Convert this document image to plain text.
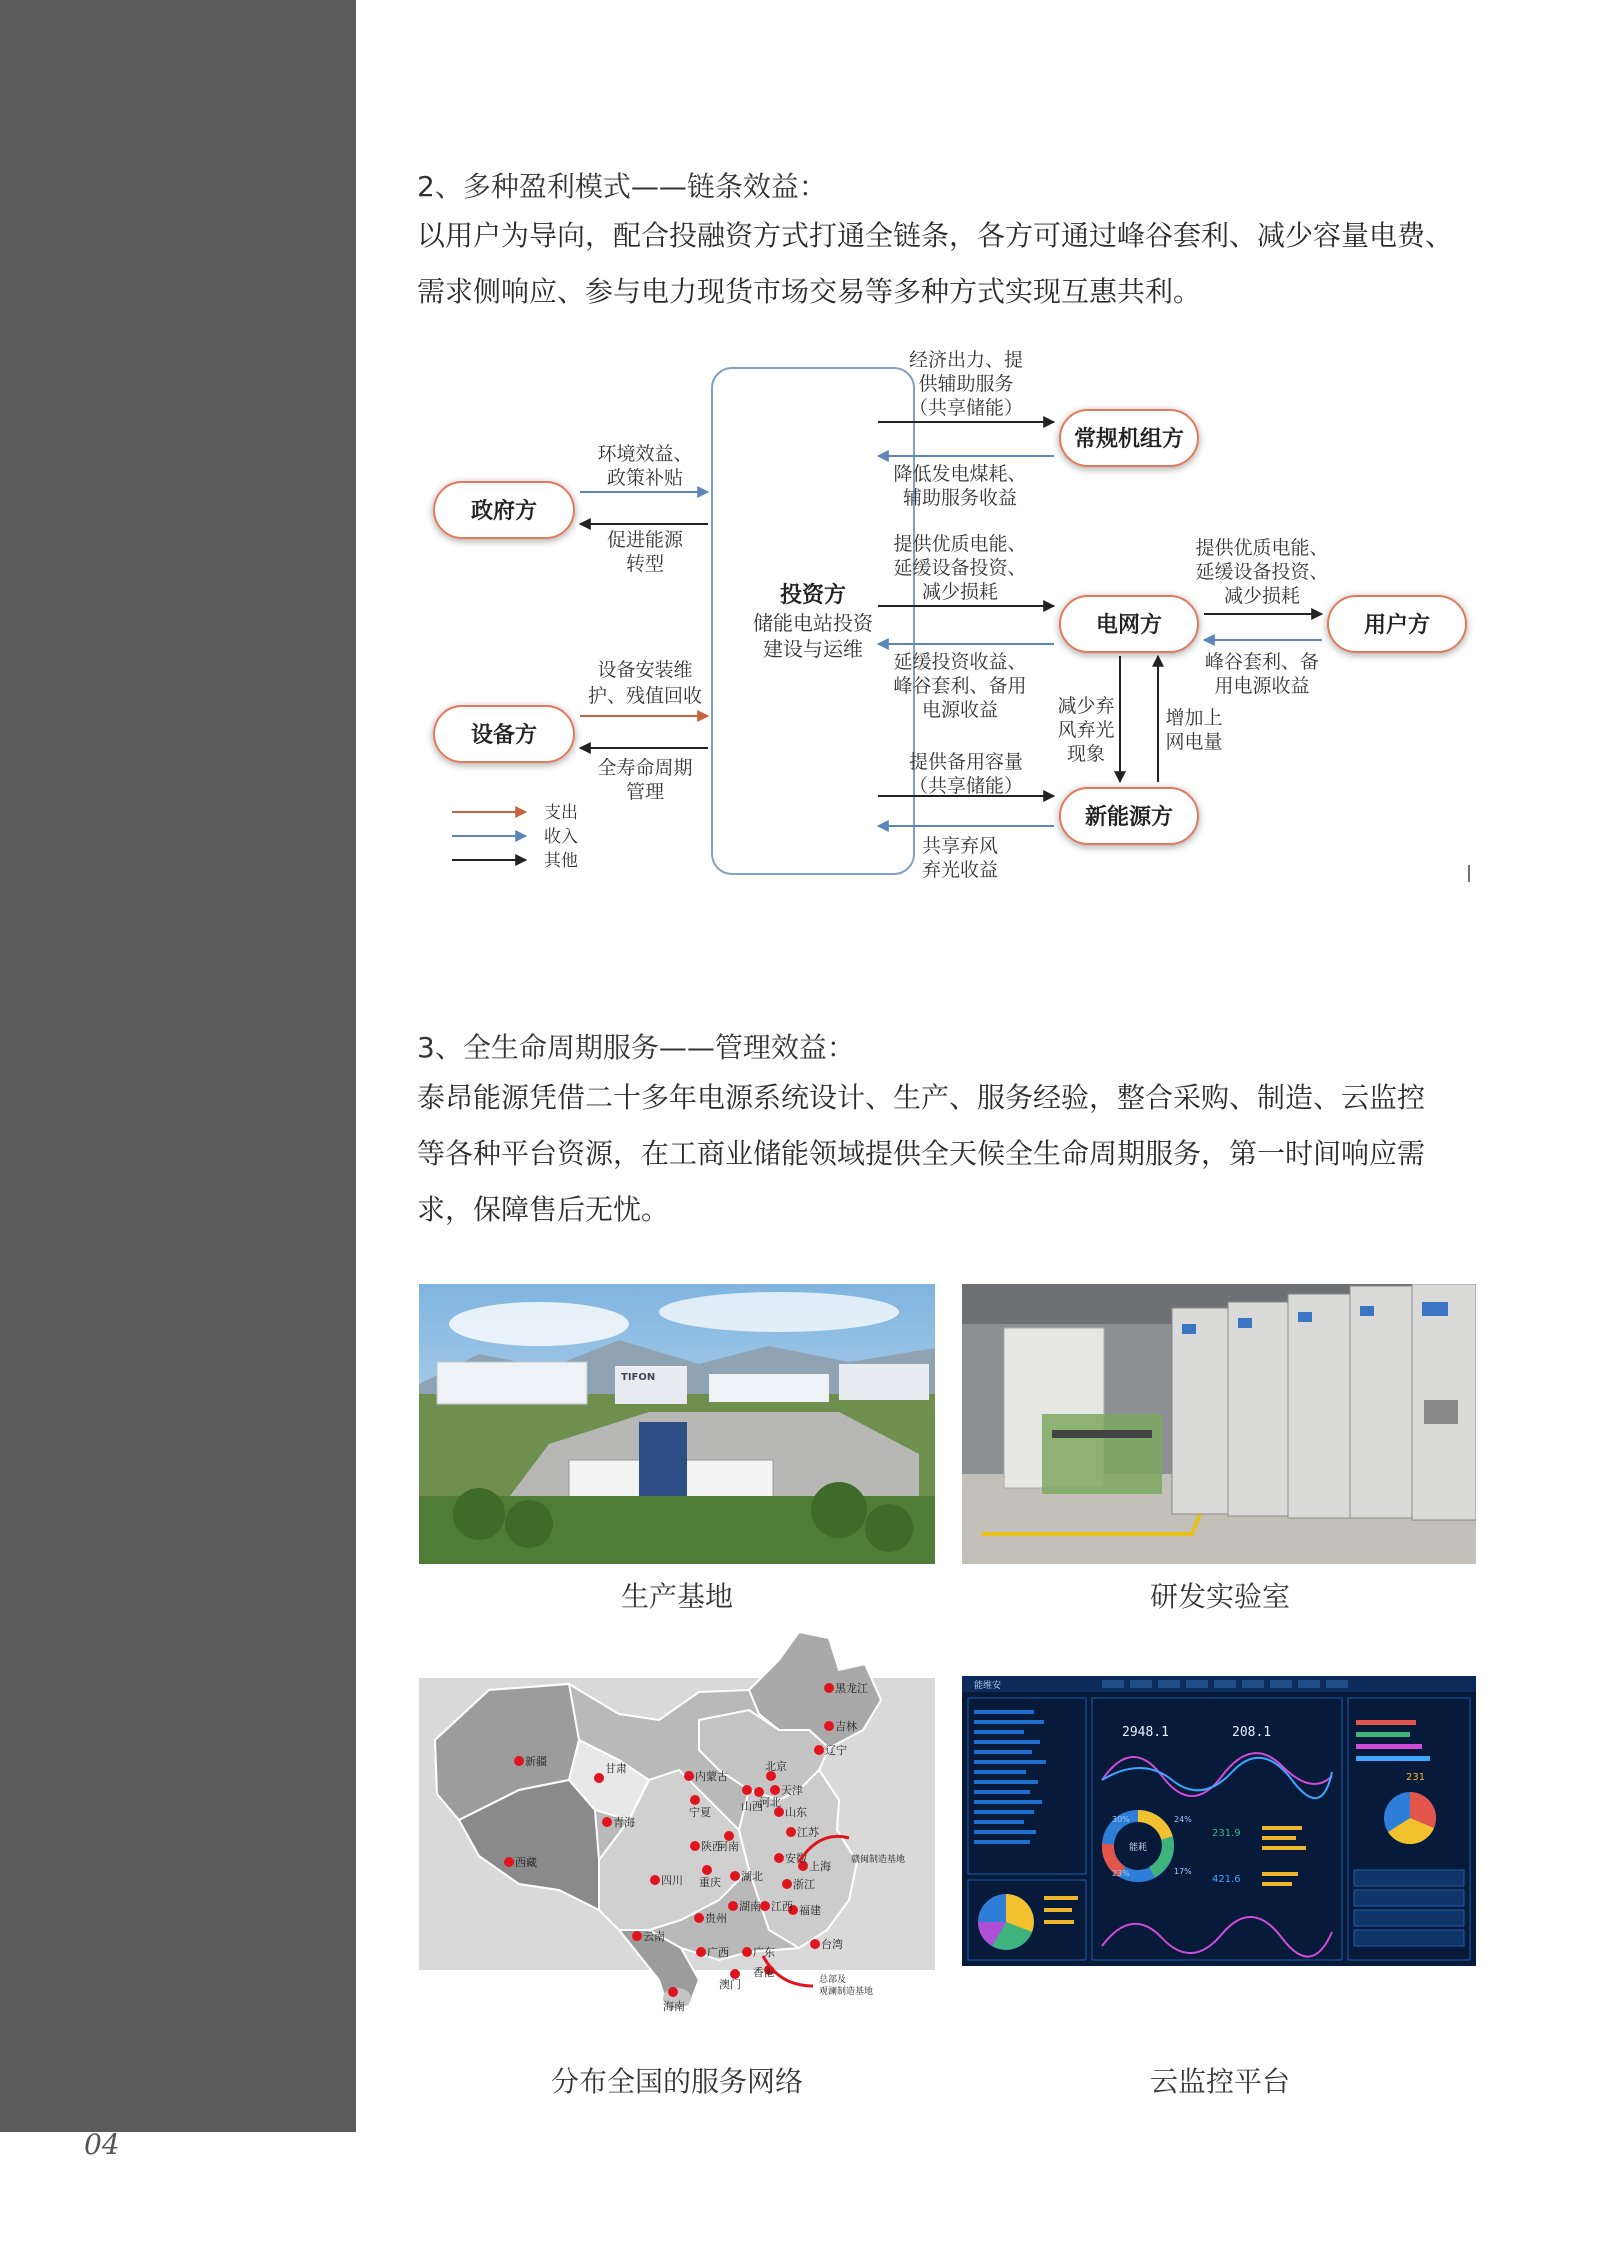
04
2、多种盈利模式——链条效益：
以用户为导向，配合投融资方式打通全链条，各方可通过峰谷套利、减少容量电费、
需求侧响应、参与电力现货市场交易等多种方式实现互惠共利。
投资方
储能电站投资
建设与运维
政府方
设备方
常规机组方
电网方	用户方
新能源方
环境效益、
政策补贴
促进能源
转型
设备安装维
护、残值回收
全寿命周期
管理
经济出力、提
供辅助服务
（共享储能）
降低发电煤耗、
辅助服务收益
提供优质电能、
延缓设备投资、
减少损耗
延缓投资收益、
峰谷套利、备用
电源收益
提供优质电能、
延缓设备投资、
减少损耗
峰谷套利、备
用电源收益
减少弃
风弃光
现象
增加上
网电量
提供备用容量
（共享储能）
共享弃风
弃光收益
支出
收入
其他
3、全生命周期服务——管理效益：
泰昂能源凭借二十多年电源系统设计、生产、服务经验，整合采购、制造、云监控
等各种平台资源，在工商业储能领域提供全天候全生命周期服务，第一时间响应需
求，保障售后无忧。
TIFON
生产基地	研发实验室
黑龙江
吉林
辽宁
内蒙古
新疆
甘肃
宁夏
北京
天津
河北
山西 山东
青海
陕西
河南
江苏
安徽
上海
西藏
四川 重庆 湖北
浙江
湖南 江西 福建
贵州
云南
广西 广东
台湾
香港
澳门
海南
赣闽制造基地
总部及
观澜制造基地
分布全国的服务网络
能维安
2948.1	208.1
能耗
30%	24%
23%	17%
231.9
421.6
231
云监控平台
